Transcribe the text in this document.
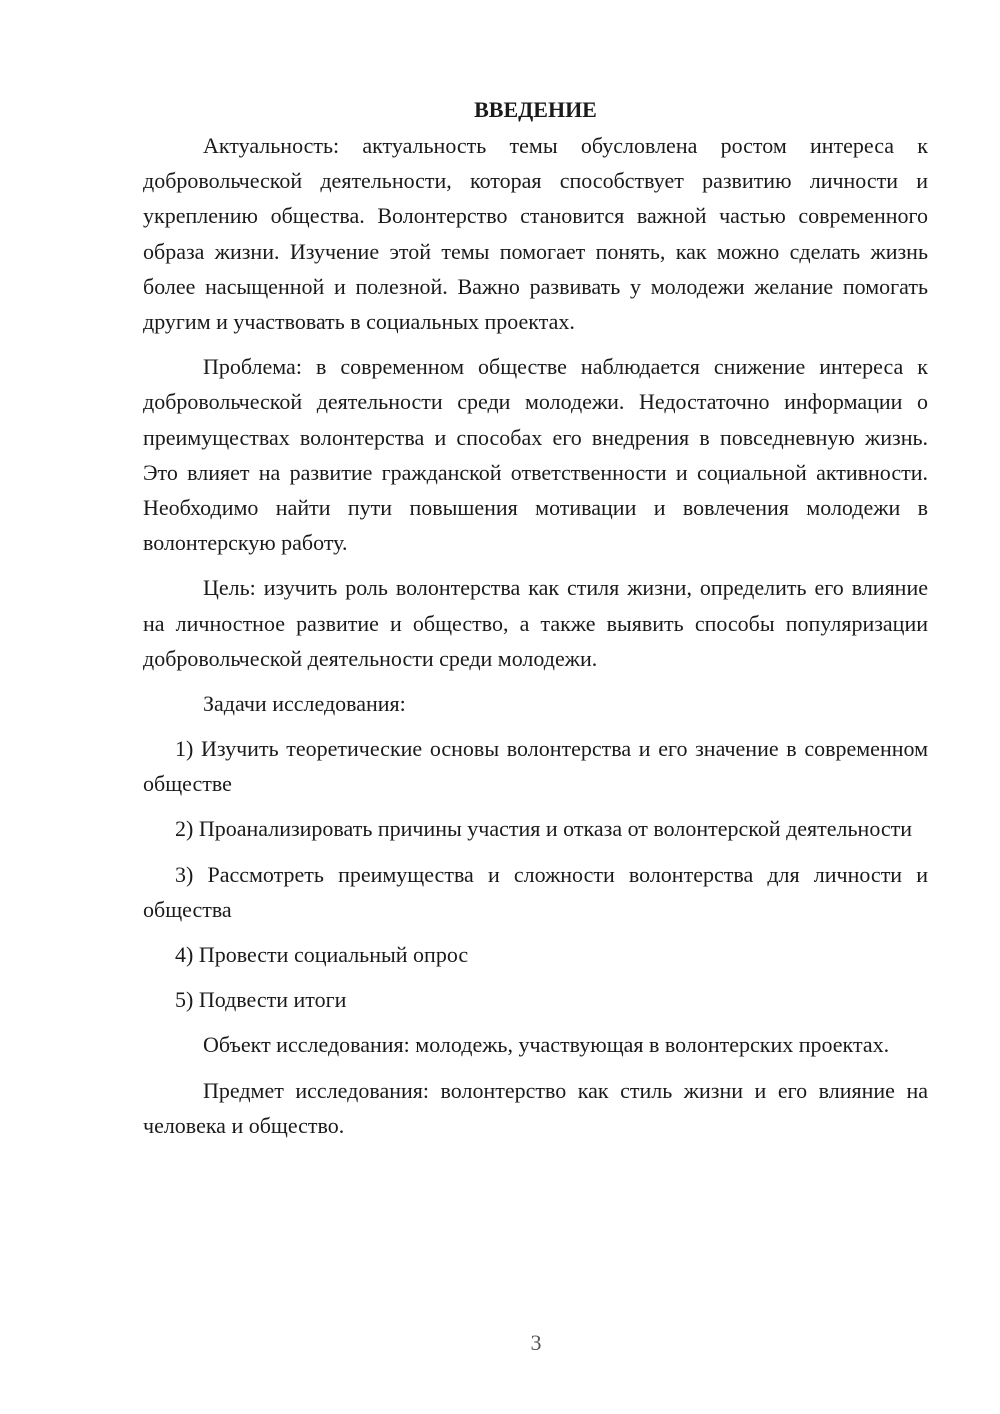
ВВЕДЕНИЕ

Актуальность: актуальность темы обусловлена ростом интереса к добровольческой деятельности, которая способствует развитию личности и укреплению общества. Волонтерство становится важной частью современного образа жизни. Изучение этой темы помогает понять, как можно сделать жизнь более насыщенной и полезной. Важно развивать у молодежи желание помогать другим и участвовать в социальных проектах.

Проблема: в современном обществе наблюдается снижение интереса к добровольческой деятельности среди молодежи. Недостаточно информации о преимуществах волонтерства и способах его внедрения в повседневную жизнь. Это влияет на развитие гражданской ответственности и социальной активности. Необходимо найти пути повышения мотивации и вовлечения молодежи в волонтерскую работу.

Цель: изучить роль волонтерства как стиля жизни, определить его влияние на личностное развитие и общество, а также выявить способы популяризации добровольческой деятельности среди молодежи.

Задачи исследования:

1) Изучить теоретические основы волонтерства и его значение в современном обществе

2) Проанализировать причины участия и отказа от волонтерской деятельности

3) Рассмотреть преимущества и сложности волонтерства для личности и общества

4) Провести социальный опрос

5) Подвести итоги

Объект исследования: молодежь, участвующая в волонтерских проектах.

Предмет исследования: волонтерство как стиль жизни и его влияние на человека и общество.

3
